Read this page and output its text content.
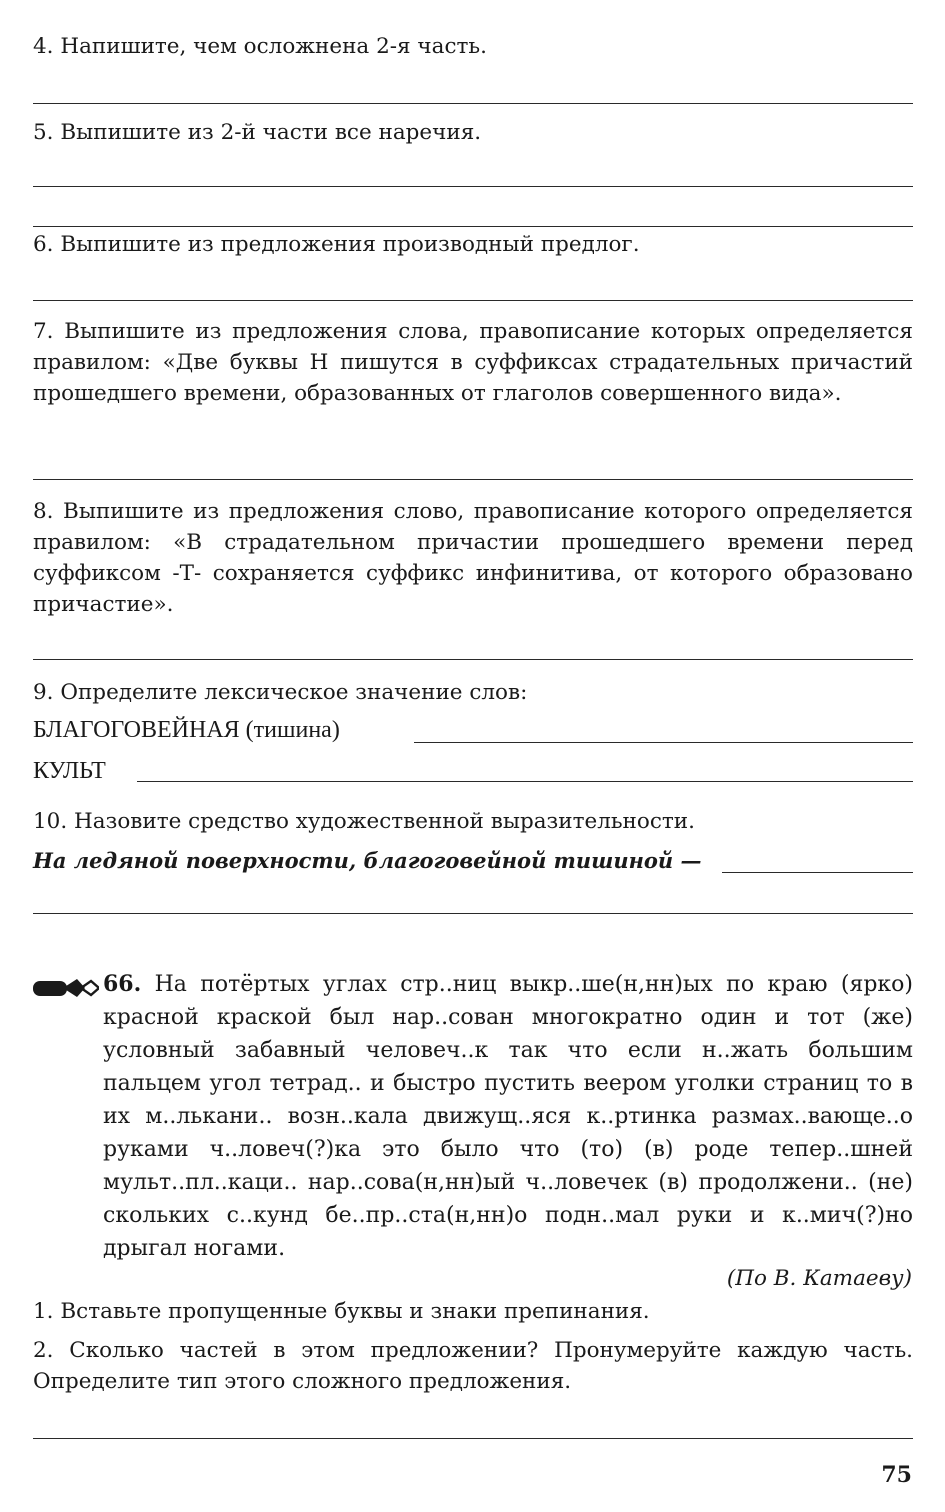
4. Напишите, чем осложнена 2-я часть.

5. Выпишите из 2-й части все наречия.

6. Выпишите из предложения производный предлог.

7. Выпишите из предложения слова, правописание которых определяется правилом: «Две буквы Н пишутся в суффиксах страдательных причастий прошедшего времени, образованных от глаголов совершенного вида».

8. Выпишите из предложения слово, правописание которого определяется правилом: «В страдательном причастии прошедшего времени перед суффиксом -Т- сохраняется суффикс инфинитива, от которого образовано причастие».

9. Определите лексическое значение слов:

БЛАГОГОВЕЙНАЯ (тишина)
КУЛЬТ

10. Назовите средство художественной выразительности.

На ледяной поверхности, благоговейной тишиной —

66. На потёртых углах стр..ниц выкр..ше(н,нн)ых по краю (ярко) красной краской был нар..сован многократно один и тот (же) условный забавный человеч..к так что если н..жать большим пальцем угол тетрад.. и быстро пустить веером уголки страниц то в их м..лькани.. возн..кала движущ..яся к..ртинка размах..вающе..о руками ч..ловеч(?)ка это было что (то) (в) роде тепер..шней мульт..пл..каци.. нар..сова(н,нн)ый ч..ловечек (в) продолжени.. (не) скольких с..кунд бе..пр..ста(н,нн)о подн..мал руки и к..мич(?)но дрыгал ногами.

(По В. Катаеву)

1. Вставьте пропущенные буквы и знаки препинания.

2. Сколько частей в этом предложении? Пронумеруйте каждую часть. Определите тип этого сложного предложения.

75
